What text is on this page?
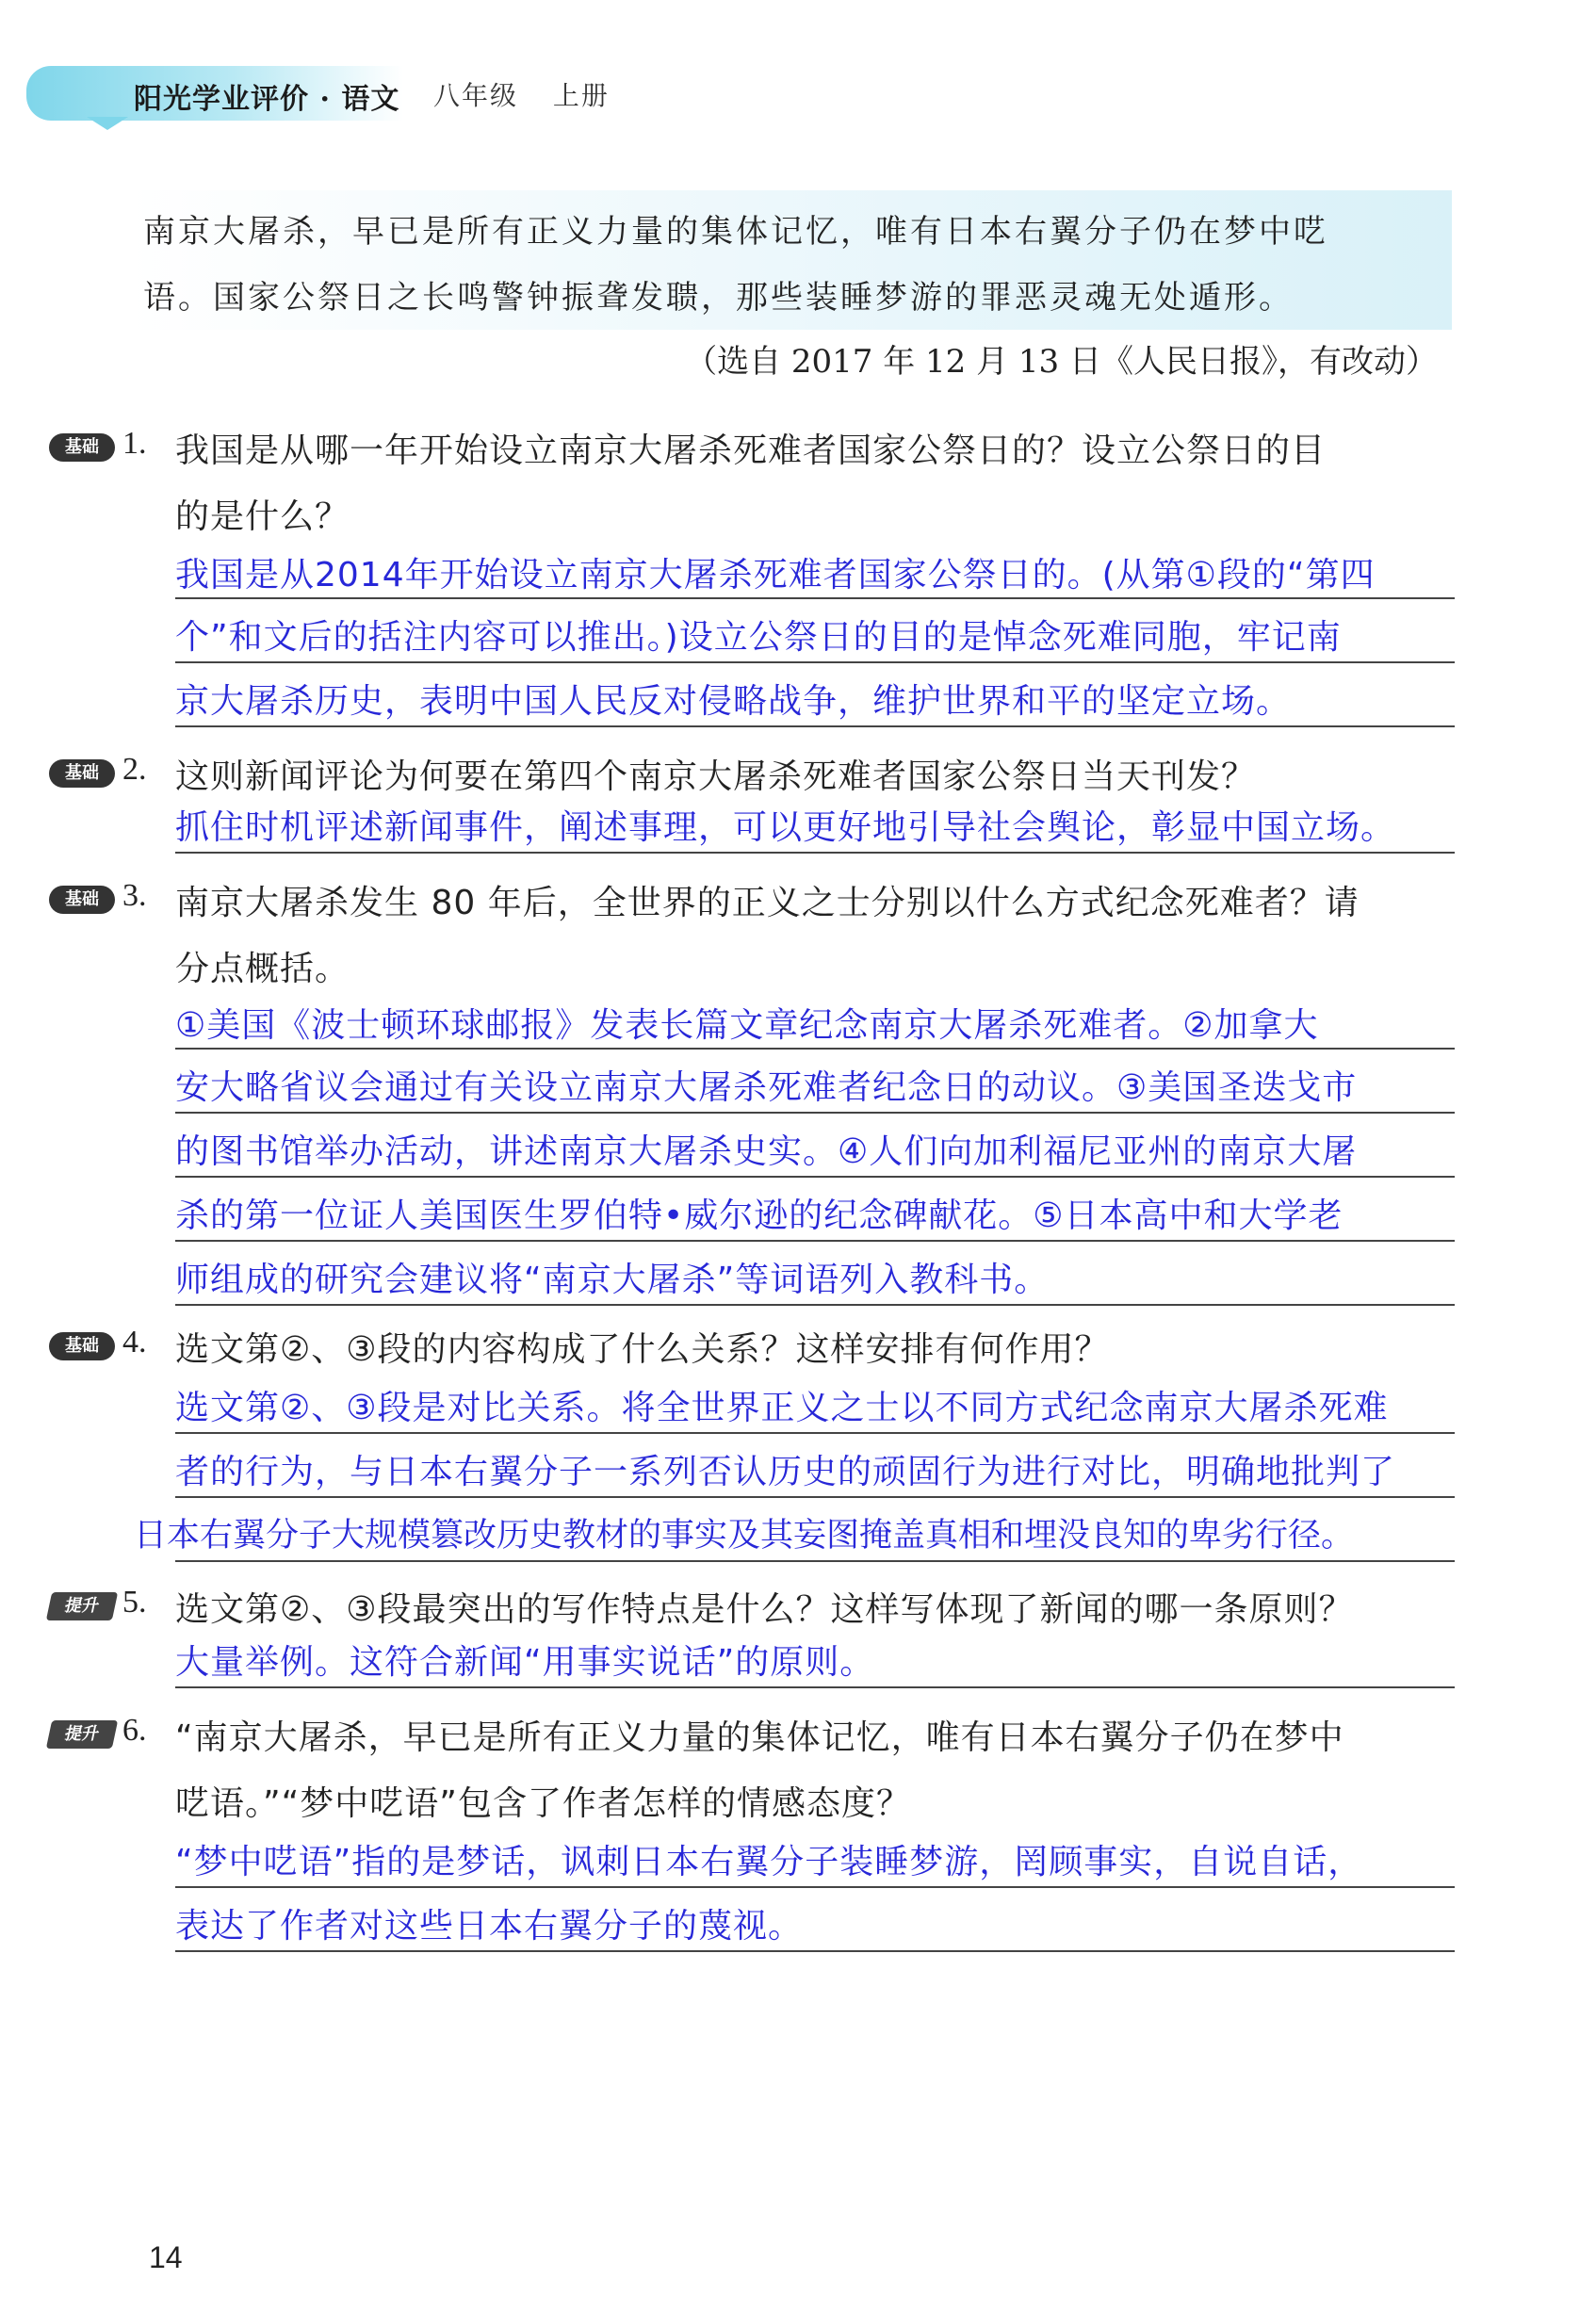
阳光学业评价 · 语文 八年级 上册
南京大屠杀，早已是所有正义力量的集体记忆，唯有日本右翼分子仍在梦中呓
语。国家公祭日之长鸣警钟振聋发聩，那些装睡梦游的罪恶灵魂无处遁形。
（选自 2017 年 12 月 13 日《人民日报》，有改动）
基础 1. 我国是从哪一年开始设立南京大屠杀死难者国家公祭日的？设立公祭日的目
的是什么？
我国是从2014年开始设立南京大屠杀死难者国家公祭日的。(从第①段的“第四
个”和文后的括注内容可以推出。)设立公祭日的目的是悼念死难同胞，牢记南
京大屠杀历史，表明中国人民反对侵略战争，维护世界和平的坚定立场。
基础 2. 这则新闻评论为何要在第四个南京大屠杀死难者国家公祭日当天刊发？
抓住时机评述新闻事件，阐述事理，可以更好地引导社会舆论，彰显中国立场。
基础 3. 南京大屠杀发生 80 年后，全世界的正义之士分别以什么方式纪念死难者？请
分点概括。
①美国《波士顿环球邮报》发表长篇文章纪念南京大屠杀死难者。②加拿大
安大略省议会通过有关设立南京大屠杀死难者纪念日的动议。③美国圣迭戈市
的图书馆举办活动，讲述南京大屠杀史实。④人们向加利福尼亚州的南京大屠
杀的第一位证人美国医生罗伯特•威尔逊的纪念碑献花。⑤日本高中和大学老
师组成的研究会建议将“南京大屠杀”等词语列入教科书。
基础 4. 选文第②、③段的内容构成了什么关系？这样安排有何作用？
选文第②、③段是对比关系。将全世界正义之士以不同方式纪念南京大屠杀死难
者的行为，与日本右翼分子一系列否认历史的顽固行为进行对比，明确地批判了
日本右翼分子大规模篡改历史教材的事实及其妄图掩盖真相和埋没良知的卑劣行径。
提升 5. 选文第②、③段最突出的写作特点是什么？这样写体现了新闻的哪一条原则？
大量举例。这符合新闻“用事实说话”的原则。
提升 6. “南京大屠杀，早已是所有正义力量的集体记忆，唯有日本右翼分子仍在梦中
呓语。”“梦中呓语”包含了作者怎样的情感态度？
“梦中呓语”指的是梦话，讽刺日本右翼分子装睡梦游，罔顾事实，自说自话，
表达了作者对这些日本右翼分子的蔑视。
14
